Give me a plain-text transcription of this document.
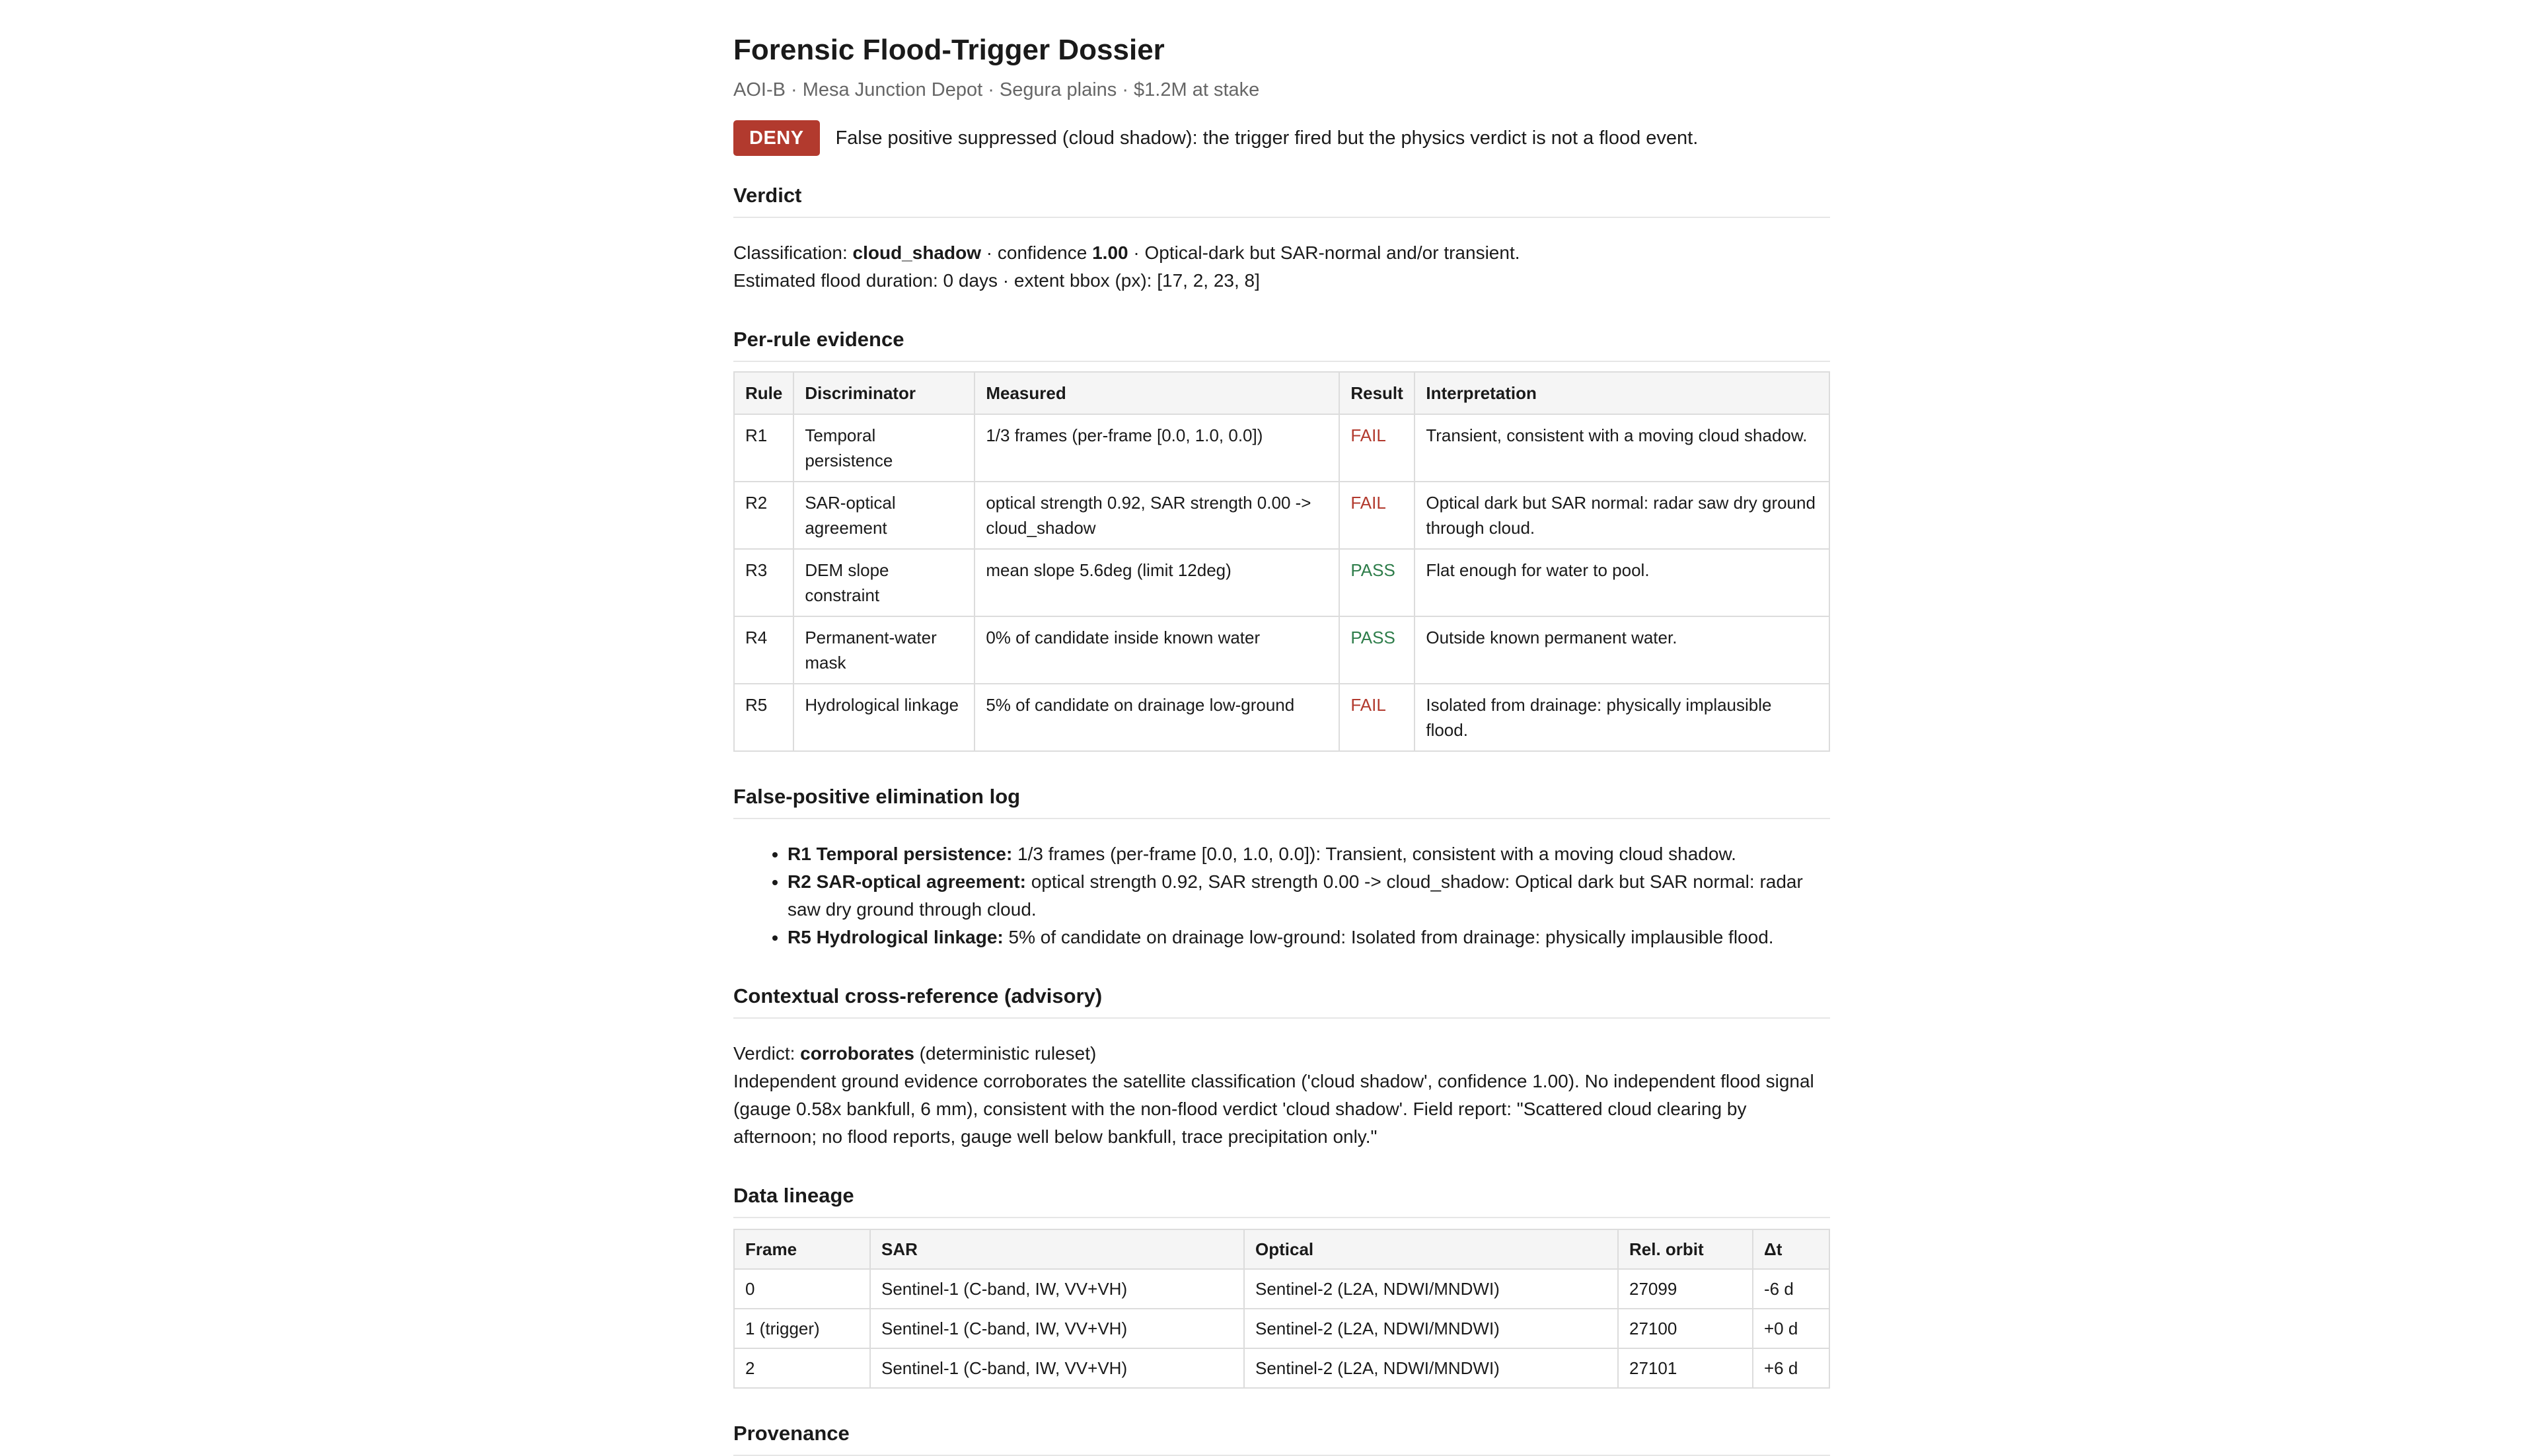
Forensic Flood-Trigger Dossier
AOI-B · Mesa Junction Depot · Segura plains · $1.2M at stake
DENY	False positive suppressed (cloud shadow): the trigger fired but the physics verdict is not a flood event.
Verdict

Classification: cloud_shadow · confidence 1.00 · Optical-dark but SAR-normal and/or transient.

Estimated flood duration: 0 days · extent bbox (px): [17, 2, 23, 8]

Per-rule evidence
Rule	Discriminator	Measured	Result	Interpretation
R1	Temporal persistence	1/3 frames (per-frame [0.0, 1.0, 0.0])	FAIL	Transient, consistent with a moving cloud shadow.
R2	SAR-optical agreement	optical strength 0.92, SAR strength 0.00 -> cloud_shadow	FAIL	Optical dark but SAR normal: radar saw dry ground through cloud.
R3	DEM slope constraint	mean slope 5.6deg (limit 12deg)	PASS	Flat enough for water to pool.
R4	Permanent-water mask	0% of candidate inside known water	PASS	Outside known permanent water.
R5	Hydrological linkage	5% of candidate on drainage low-ground	FAIL	Isolated from drainage: physically implausible flood.
False-positive elimination log
• R1 Temporal persistence: 1/3 frames (per-frame [0.0, 1.0, 0.0]): Transient, consistent with a moving cloud shadow.
• R2 SAR-optical agreement: optical strength 0.92, SAR strength 0.00 -> cloud_shadow: Optical dark but SAR normal: radar saw dry ground through cloud.
• R5 Hydrological linkage: 5% of candidate on drainage low-ground: Isolated from drainage: physically implausible flood.
Contextual cross-reference (advisory)

Verdict: corroborates (deterministic ruleset)

Independent ground evidence corroborates the satellite classification ('cloud shadow', confidence 1.00). No independent flood signal (gauge 0.58x bankfull, 6 mm), consistent with the non-flood verdict 'cloud shadow'. Field report: "Scattered cloud clearing by afternoon; no flood reports, gauge well below bankfull, trace precipitation only."

Data lineage
Frame	SAR	Optical	Rel. orbit	Δt
0	Sentinel-1 (C-band, IW, VV+VH)	Sentinel-2 (L2A, NDWI/MNDWI)	27099	-6 d
1 (trigger)	Sentinel-1 (C-band, IW, VV+VH)	Sentinel-2 (L2A, NDWI/MNDWI)	27100	+0 d
2	Sentinel-1 (C-band, IW, VV+VH)	Sentinel-2 (L2A, NDWI/MNDWI)	27101	+6 d
Provenance
